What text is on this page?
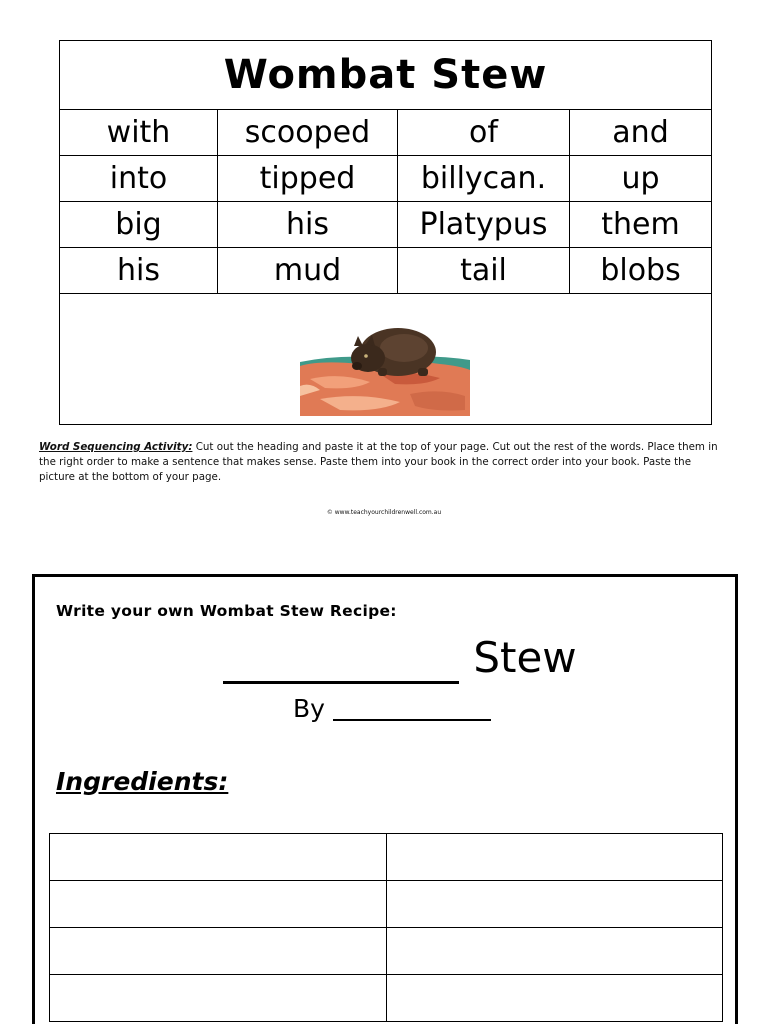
Wombat Stew			
with	scooped	of	and
into	tipped	billycan.	up
big	his	Platypus	them
his	mud	tail	blobs

Word Sequencing Activity: Cut out the heading and paste it at the top of your page. Cut out the rest of the words. Place them in the right order to make a sentence that makes sense. Paste them into your book in the correct order into your book. Paste the picture at the bottom of your page.
© www.teachyourchildrenwell.com.au
Write your own Wombat Stew Recipe:
Stew
By
Ingredients:
